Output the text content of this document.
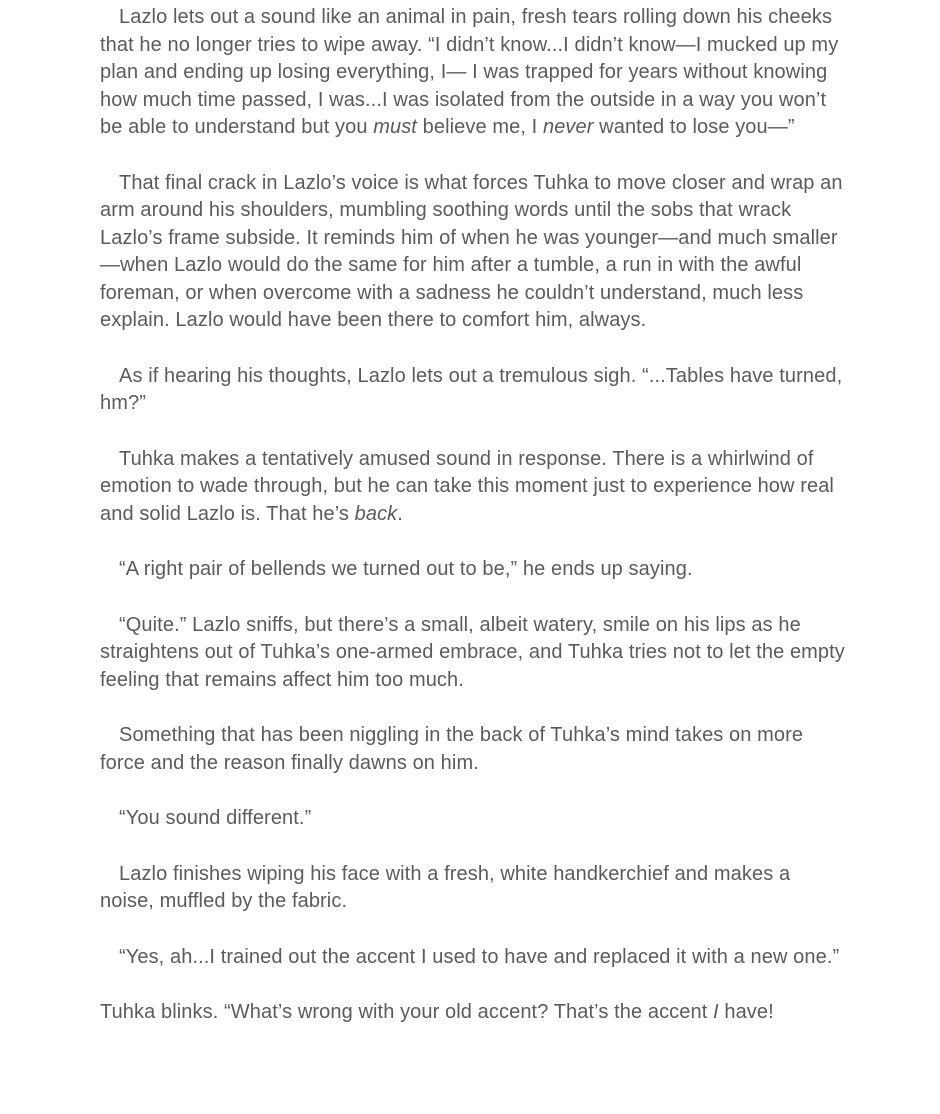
Lazlo lets out a sound like an animal in pain, fresh tears rolling down his cheeks that he no longer tries to wipe away. “I didn’t know...I didn’t know—I mucked up my plan and ending up losing everything, I— I was trapped for years without knowing how much time passed, I was...I was isolated from the outside in a way you won’t be able to understand but you must believe me, I never wanted to lose you—”

That final crack in Lazlo’s voice is what forces Tuhka to move closer and wrap an arm around his shoulders, mumbling soothing words until the sobs that wrack Lazlo’s frame subside. It reminds him of when he was younger—and much smaller—when Lazlo would do the same for him after a tumble, a run in with the awful foreman, or when overcome with a sadness he couldn’t understand, much less explain. Lazlo would have been there to comfort him, always.

As if hearing his thoughts, Lazlo lets out a tremulous sigh. “...Tables have turned, hm?”

Tuhka makes a tentatively amused sound in response. There is a whirlwind of emotion to wade through, but he can take this moment just to experience how real and solid Lazlo is. That he’s back.

“A right pair of bellends we turned out to be,” he ends up saying.

“Quite.” Lazlo sniffs, but there’s a small, albeit watery, smile on his lips as he straightens out of Tuhka’s one-armed embrace, and Tuhka tries not to let the empty feeling that remains affect him too much.

Something that has been niggling in the back of Tuhka’s mind takes on more force and the reason finally dawns on him.

“You sound different.”

Lazlo finishes wiping his face with a fresh, white handkerchief and makes a noise, muffled by the fabric.

“Yes, ah...I trained out the accent I used to have and replaced it with a new one.”

Tuhka blinks. “What’s wrong with your old accent? That’s the accent I have!
